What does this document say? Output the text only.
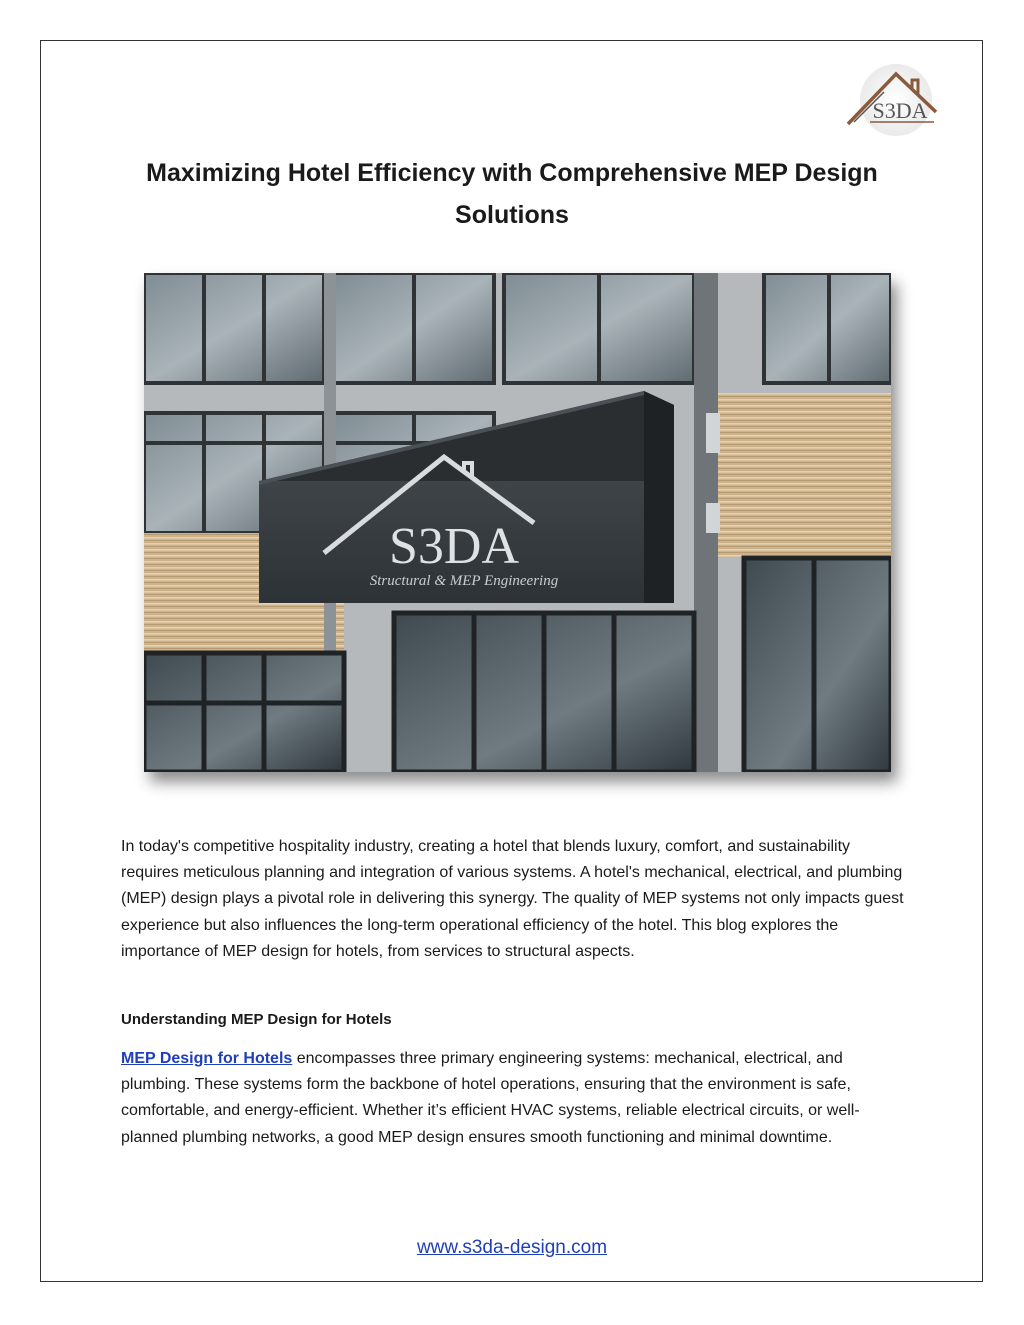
S3DA
Maximizing Hotel Efficiency with Comprehensive MEP Design Solutions
S3DA
Structural & MEP Engineering

In today's competitive hospitality industry, creating a hotel that blends luxury, comfort, and sustainability requires meticulous planning and integration of various systems. A hotel's mechanical, electrical, and plumbing (MEP) design plays a pivotal role in delivering this synergy. The quality of MEP systems not only impacts guest experience but also influences the long-term operational efficiency of the hotel. This blog explores the importance of MEP design for hotels, from services to structural aspects.

Understanding MEP Design for Hotels

MEP Design for Hotels encompasses three primary engineering systems: mechanical, electrical, and plumbing. These systems form the backbone of hotel operations, ensuring that the environment is safe, comfortable, and energy-efficient. Whether it’s efficient HVAC systems, reliable electrical circuits, or well-planned plumbing networks, a good MEP design ensures smooth functioning and minimal downtime.

www.s3da-design.com
